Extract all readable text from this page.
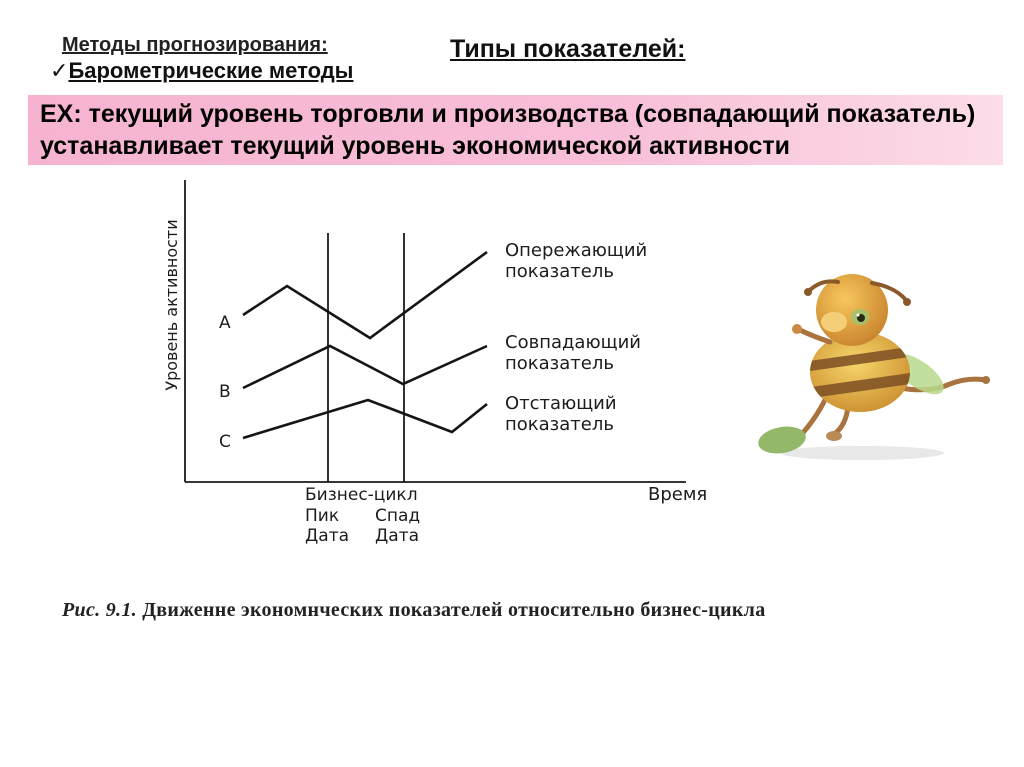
Методы прогнозирования:
✓Барометрические методы
Типы показателей:
ЕХ: текущий уровень торговли и производства (совпадающий показатель)
устанавливает текущий уровень экономической активности
Уровень активности A
B
C
Опережающий
показатель
Совпадающий
показатель
Отстающий
показатель
Время
Бизнес-цикл
Пик Спад
Дата Дата
Рис. 9.1. Движенне экономнческих показателей относительно бизнес-цикла
